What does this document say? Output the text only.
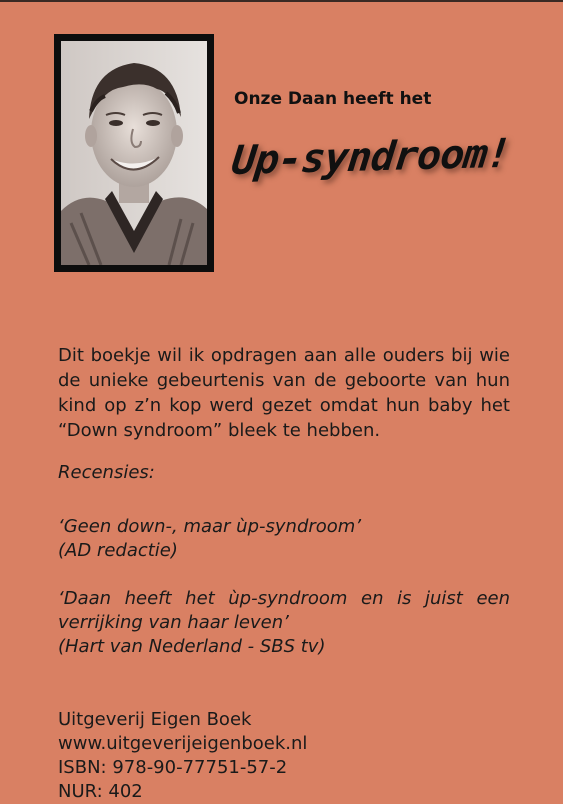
Onze Daan heeft het
Up-syndroom!

Dit boekje wil ik opdragen aan alle ouders bij wie de unieke gebeurtenis van de geboorte van hun kind op z’n kop werd gezet omdat hun baby het “Down syndroom” bleek te hebben.

Recensies:

‘Geen down-, maar ùp-syndroom’
(AD redactie)

‘Daan heeft het ùp-syndroom en is juist een verrijking van haar leven’
(Hart van Nederland - SBS tv)

Uitgeverij Eigen Boek
www.uitgeverijeigenboek.nl
ISBN: 978-90-77751-57-2
NUR: 402
